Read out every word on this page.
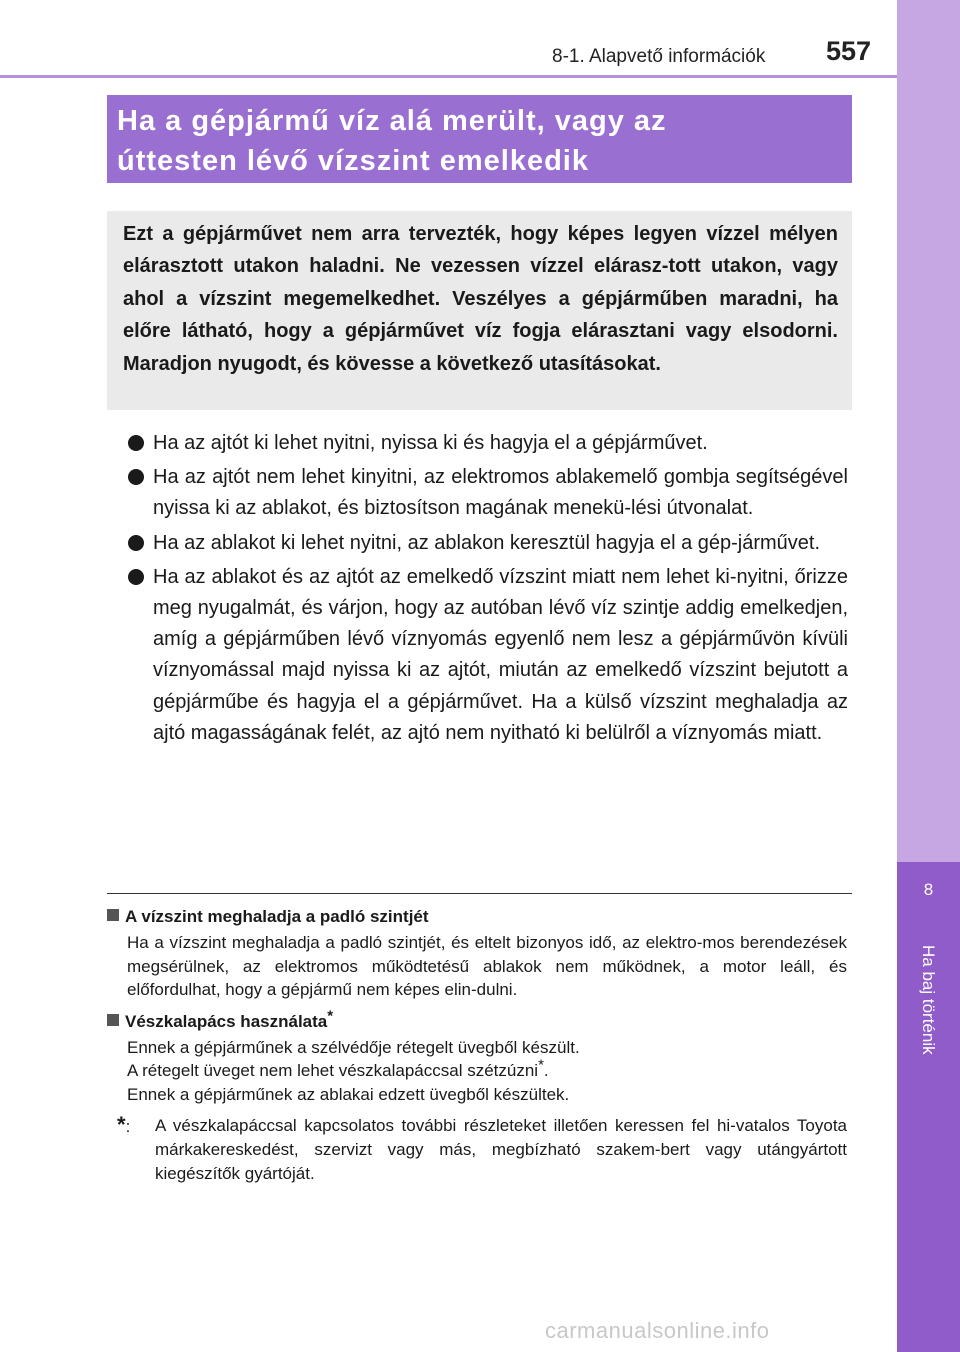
8
Ha baj történik
8-1. Alapvető információk 557
Ha a gépjármű víz alá merült, vagy az
úttesten lévő vízszint emelkedik

Ezt a gépjárművet nem arra tervezték, hogy képes legyen vízzel mélyen elárasztott utakon haladni. Ne vezessen vízzel elárasz-tott utakon, vagy ahol a vízszint megemelkedhet. Veszélyes a gépjárműben maradni, ha előre látható, hogy a gépjárművet víz fogja elárasztani vagy elsodorni. Maradjon nyugodt, és kövesse a következő utasításokat.

Ha az ajtót ki lehet nyitni, nyissa ki és hagyja el a gépjárművet.
Ha az ajtót nem lehet kinyitni, az elektromos ablakemelő gombja segítségével nyissa ki az ablakot, és biztosítson magának menekü-lési útvonalat.
Ha az ablakot ki lehet nyitni, az ablakon keresztül hagyja el a gép-járművet.
Ha az ablakot és az ajtót az emelkedő vízszint miatt nem lehet ki-nyitni, őrizze meg nyugalmát, és várjon, hogy az autóban lévő víz szintje addig emelkedjen, amíg a gépjárműben lévő víznyomás egyenlő nem lesz a gépjárművön kívüli víznyomással majd nyissa ki az ajtót, miután az emelkedő vízszint bejutott a gépjárműbe és hagyja el a gépjárművet. Ha a külső vízszint meghaladja az ajtó magasságának felét, az ajtó nem nyitható ki belülről a víznyomás miatt.

A vízszint meghaladja a padló szintjét

Ha a vízszint meghaladja a padló szintjét, és eltelt bizonyos idő, az elektro-mos berendezések megsérülnek, az elektromos működtetésű ablakok nem működnek, a motor leáll, és előfordulhat, hogy a gépjármű nem képes elin-dulni.

Vészkalapács használata*

Ennek a gépjárműnek a szélvédője rétegelt üvegből készült.
A rétegelt üveget nem lehet vészkalapáccsal szétzúzni*.
Ennek a gépjárműnek az ablakai edzett üvegből készültek.
*: A vészkalapáccsal kapcsolatos további részleteket illetően keressen fel hi-vatalos Toyota márkakereskedést, szervizt vagy más, megbízható szakem-bert vagy utángyártott kiegészítők gyártóját.
carmanualsonline.info
